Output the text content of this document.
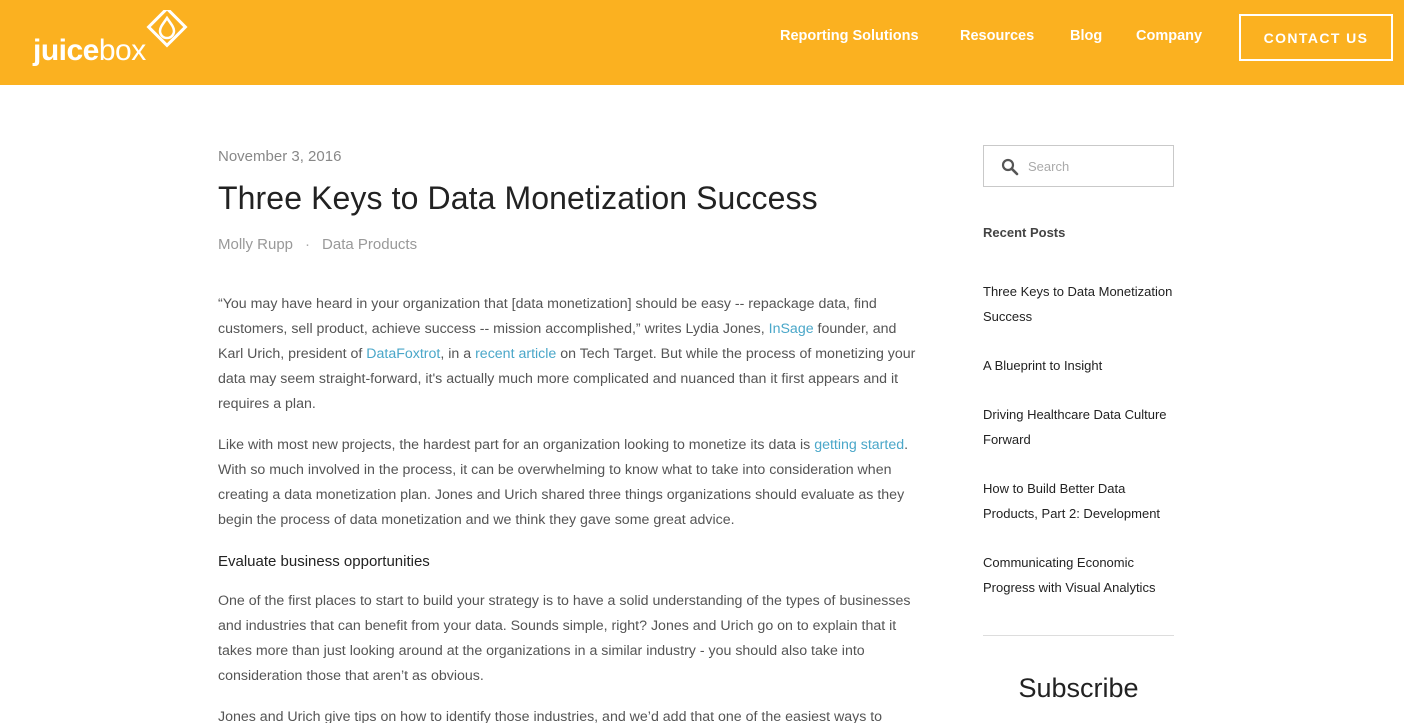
juicebox	Reporting Solutions	Resources Blog Company	CONTACT US
November 3, 2016
Three Keys to Data Monetization Success
Molly Rupp · Data Products

“You may have heard in your organization that [data monetization] should be easy -- repackage data, find customers, sell product, achieve success -- mission accomplished,” writes Lydia Jones, InSage founder, and Karl Urich, president of DataFoxtrot, in a recent article on Tech Target. But while the process of monetizing your data may seem straight-forward, it's actually much more complicated and nuanced than it first appears and it requires a plan.

Like with most new projects, the hardest part for an organization looking to monetize its data is getting started. With so much involved in the process, it can be overwhelming to know what to take into consideration when creating a data monetization plan. Jones and Urich shared three things organizations should evaluate as they begin the process of data monetization and we think they gave some great advice.

Evaluate business opportunities

One of the first places to start to build your strategy is to have a solid understanding of the types of businesses and industries that can benefit from your data. Sounds simple, right? Jones and Urich go on to explain that it takes more than just looking around at the organizations in a similar industry - you should also take into consideration those that aren’t as obvious.

Jones and Urich give tips on how to identify those industries, and we’d add that one of the easiest ways to

Search
Recent Posts
Three Keys to Data Monetization Success
A Blueprint to Insight
Driving Healthcare Data Culture Forward
How to Build Better Data Products, Part 2: Development
Communicating Economic Progress with Visual Analytics
Subscribe
